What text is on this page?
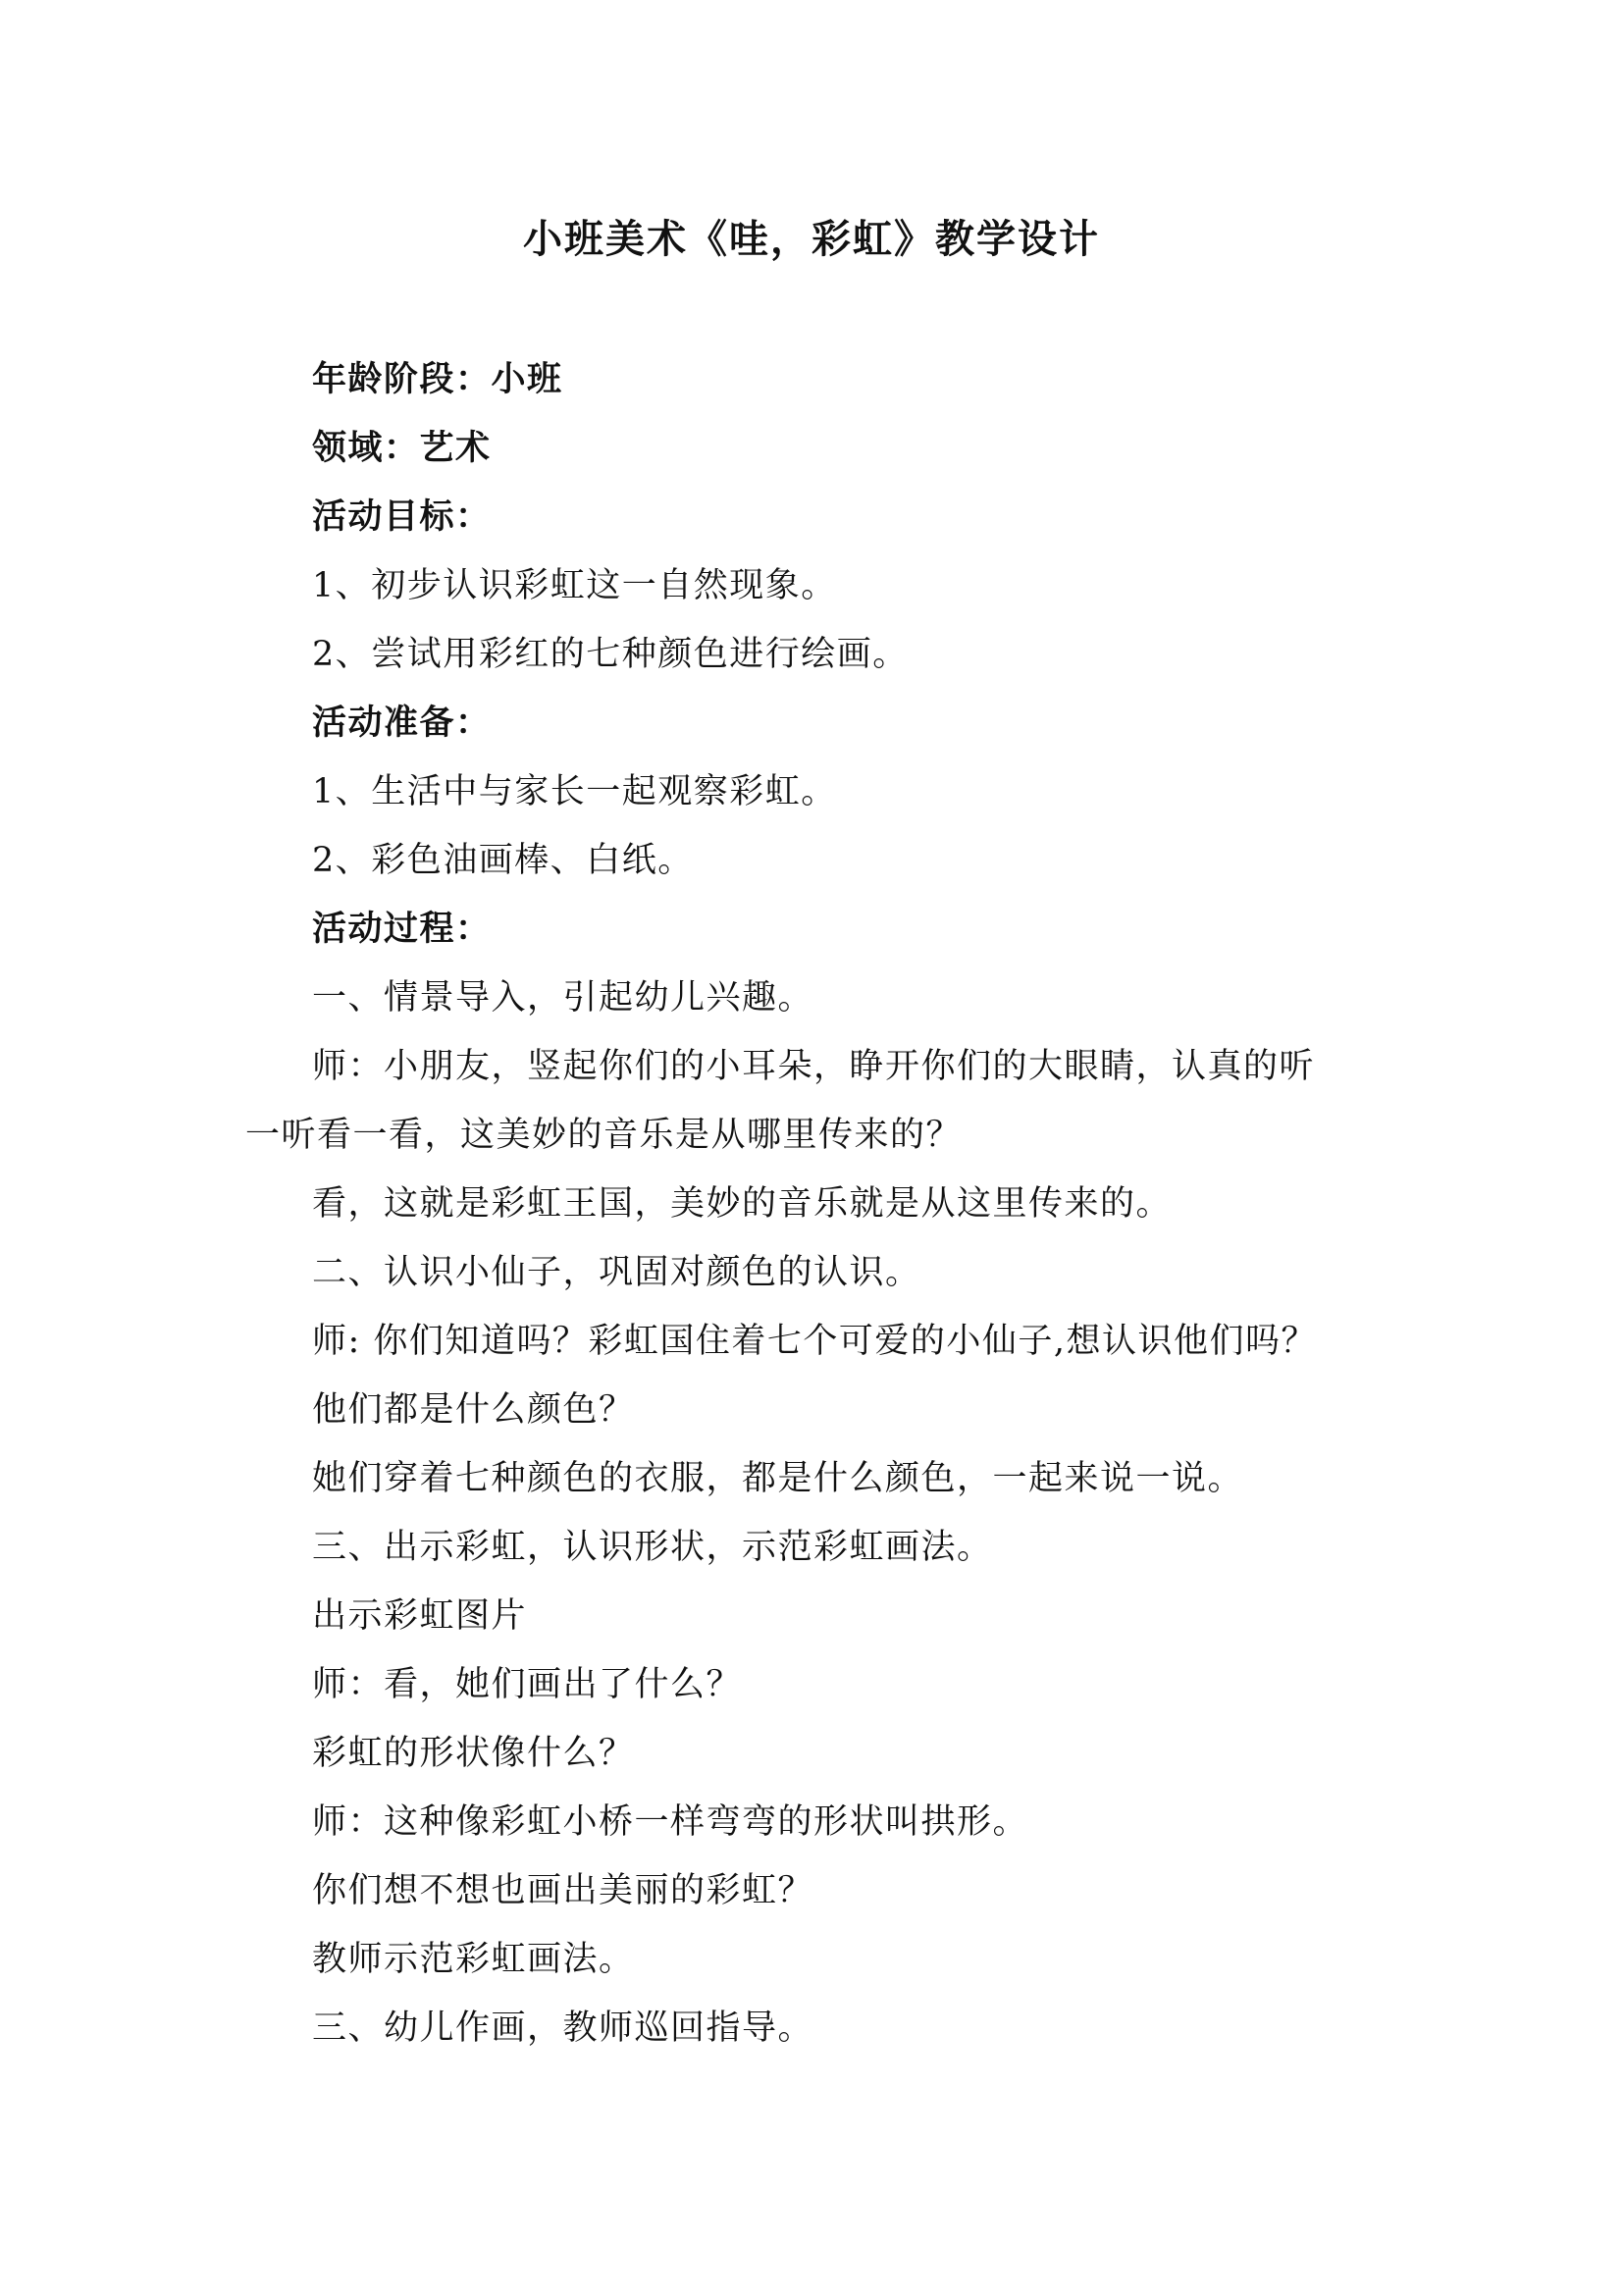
小班美术《哇，彩虹》教学设计
年龄阶段：小班
领域：艺术
活动目标：
1、初步认识彩虹这一自然现象。
2、尝试用彩红的七种颜色进行绘画。
活动准备：
1、生活中与家长一起观察彩虹。
2、彩色油画棒、白纸。
活动过程：
一、情景导入，引起幼儿兴趣。
师：小朋友，竖起你们的小耳朵，睁开你们的大眼睛，认真的听
一听看一看，这美妙的音乐是从哪里传来的？
看，这就是彩虹王国，美妙的音乐就是从这里传来的。
二、认识小仙子，巩固对颜色的认识。
师: 你们知道吗？彩虹国住着七个可爱的小仙子,想认识他们吗？
他们都是什么颜色？
她们穿着七种颜色的衣服，都是什么颜色，一起来说一说。
三、出示彩虹，认识形状，示范彩虹画法。
出示彩虹图片
师：看，她们画出了什么？
彩虹的形状像什么？
师：这种像彩虹小桥一样弯弯的形状叫拱形。
你们想不想也画出美丽的彩虹？
教师示范彩虹画法。
三、幼儿作画，教师巡回指导。
